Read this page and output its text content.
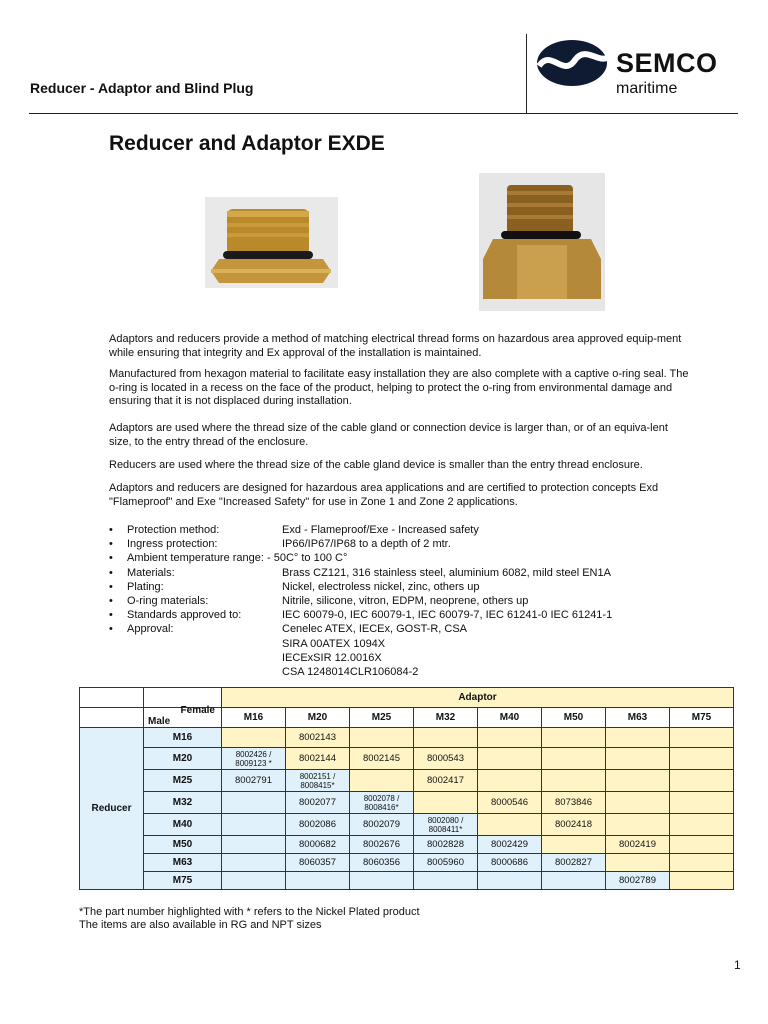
Reducer - Adaptor and Blind Plug
SEMCO
maritime
Reducer and Adaptor EXDE
Adaptors and reducers provide a method of matching electrical thread forms on hazardous area approved equip-ment while ensuring that integrity and Ex approval of the installation is maintained.
Manufactured from hexagon material to facilitate easy installation they are also complete with a captive o-ring seal. The o-ring is located in a recess on the face of the product, helping to protect the o-ring from environmental damage and ensuring that it is not displaced during installation.
Adaptors are used where the thread size of the cable gland or connection device is larger than, or of an equiva-lent size, to the entry thread of the enclosure.
Reducers are used where the thread size of the cable gland device is smaller than the entry thread enclosure.
Adaptors and reducers are designed for hazardous area applications and are certified to protection concepts Exd "Flameproof" and Exe "Increased Safety" for use in Zone 1 and Zone 2 applications.
•	Protection method:	Exd - Flameproof/Exe - Increased safety
•	Ingress protection:	IP66/IP67/IP68 to a depth of 2 mtr.
•	Ambient temperature range: - 50C° to 100 C°
•	Materials:	Brass CZ121, 316 stainless steel, aluminium 6082, mild steel EN1A
•	Plating:	Nickel, electroless nickel, zinc, others up
•	O-ring materials:	Nitrile, silicone, vitron, EDPM, neoprene, others up
•	Standards approved to:	IEC 60079-0, IEC 60079-1, IEC 60079-7, IEC 61241-0 IEC 61241-1
•	Approval:	Cenelec ATEX, IECEx, GOST-R, CSA
SIRA 00ATEX 1094X
IECExSIR 12.0016X
CSA 1248014CLR106084-2
		Adaptor							

	Female
Male	M16	M20	M25	M32	M40	M50	M63	M75
Reducer	M16		8002143						
	M20	8002426 / 8009123 *	8002144	8002145	8000543				
	M25	8002791	8002151 / 8008415*		8002417				
	M32		8002077	8002078 / 8008416*		8000546	8073846		
	M40		8002086	8002079	8002080 / 8008411*		8002418		
	M50		8000682	8002676	8002828	8002429		8002419	
	M63		8060357	8060356	8005960	8000686	8002827		
	M75							8002789	
*The part number highlighted with * refers to the Nickel Plated product
The items are also available in RG and NPT sizes
1
